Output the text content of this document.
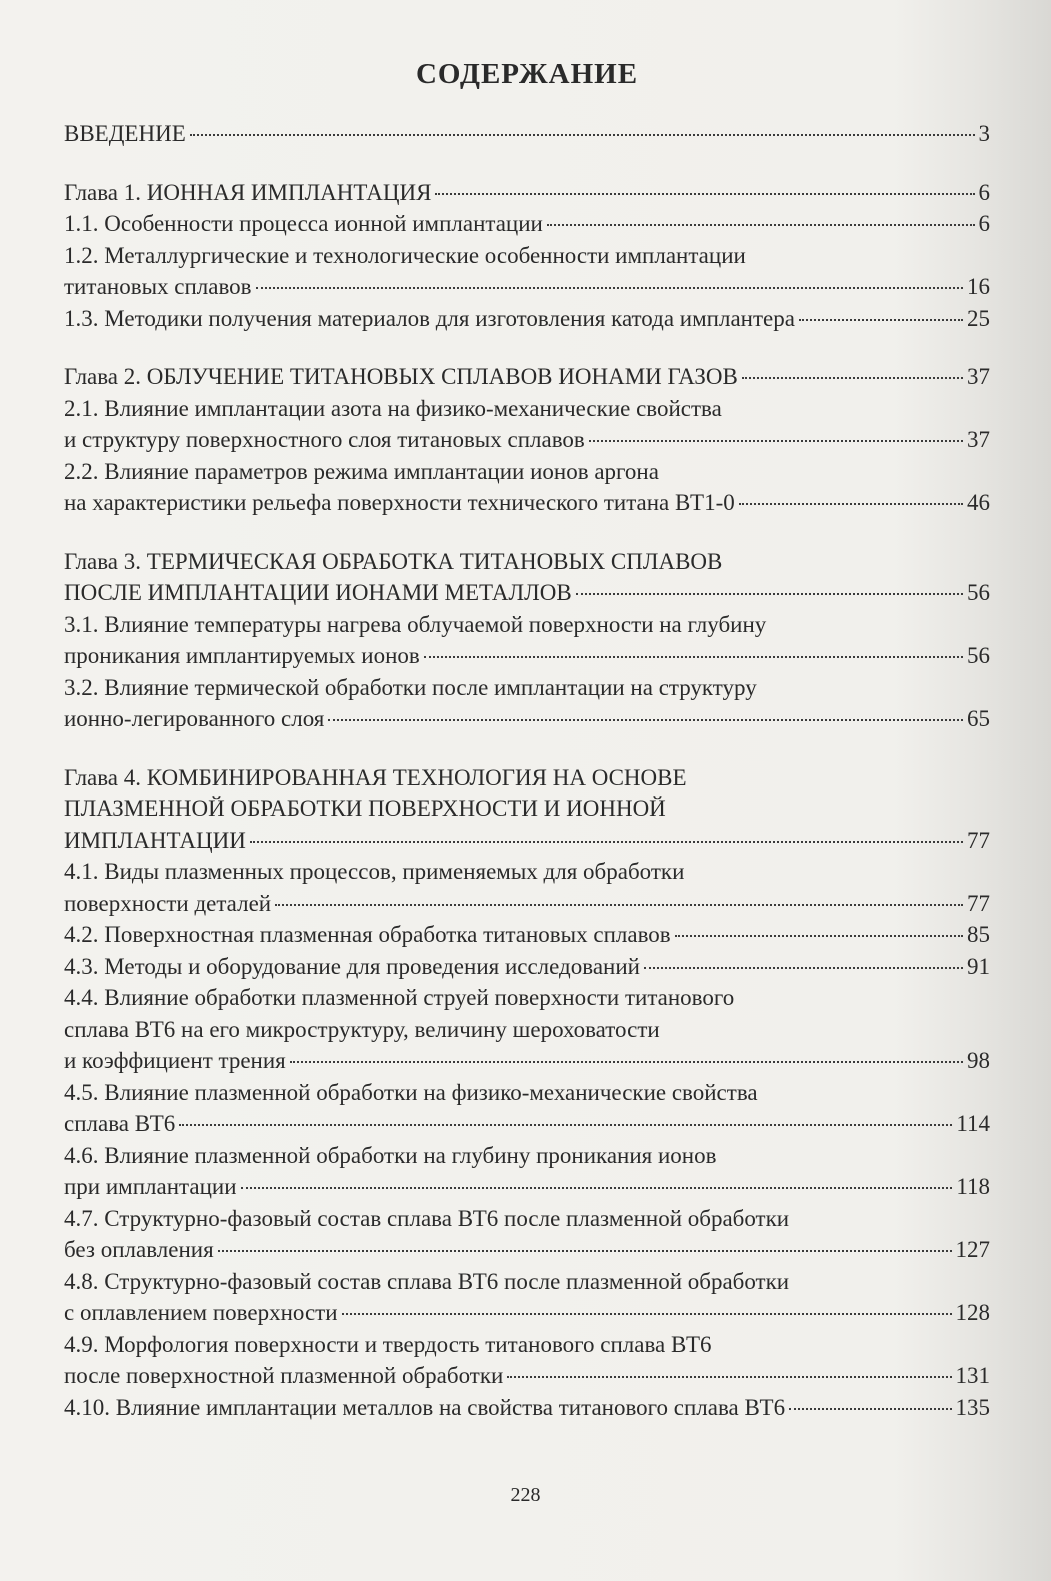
СОДЕРЖАНИЕ
ВВЕДЕНИЕ	3
Глава 1. ИОННАЯ ИМПЛАНТАЦИЯ	6
1.1. Особенности процесса ионной имплантации	6
1.2. Металлургические и технологические особенности имплантации
титановых сплавов	16
1.3. Методики получения материалов для изготовления катода имплантера	25
Глава 2. ОБЛУЧЕНИЕ ТИТАНОВЫХ СПЛАВОВ ИОНАМИ ГАЗОВ	37
2.1. Влияние имплантации азота на физико-механические свойства
и структуру поверхностного слоя титановых сплавов	37
2.2. Влияние параметров режима имплантации ионов аргона
на характеристики рельефа поверхности технического титана ВТ1-0	46
Глава 3. ТЕРМИЧЕСКАЯ ОБРАБОТКА ТИТАНОВЫХ СПЛАВОВ
ПОСЛЕ ИМПЛАНТАЦИИ ИОНАМИ МЕТАЛЛОВ	56
3.1. Влияние температуры нагрева облучаемой поверхности на глубину
проникания имплантируемых ионов	56
3.2. Влияние термической обработки после имплантации на структуру
ионно-легированного слоя	65
Глава 4. КОМБИНИРОВАННАЯ ТЕХНОЛОГИЯ НА ОСНОВЕ
ПЛАЗМЕННОЙ ОБРАБОТКИ ПОВЕРХНОСТИ И ИОННОЙ
ИМПЛАНТАЦИИ	77
4.1. Виды плазменных процессов, применяемых для обработки
поверхности деталей	77
4.2. Поверхностная плазменная обработка титановых сплавов	85
4.3. Методы и оборудование для проведения исследований	91
4.4. Влияние обработки плазменной струей поверхности титанового
сплава ВТ6 на его микроструктуру, величину шероховатости
и коэффициент трения	98
4.5. Влияние плазменной обработки на физико-механические свойства
сплава ВТ6	114
4.6. Влияние плазменной обработки на глубину проникания ионов
при имплантации	118
4.7. Структурно-фазовый состав сплава ВТ6 после плазменной обработки
без оплавления	127
4.8. Структурно-фазовый состав сплава ВТ6 после плазменной обработки
с оплавлением поверхности	128
4.9. Морфология поверхности и твердость титанового сплава ВТ6
после поверхностной плазменной обработки	131
4.10. Влияние имплантации металлов на свойства титанового сплава ВТ6	135
228
